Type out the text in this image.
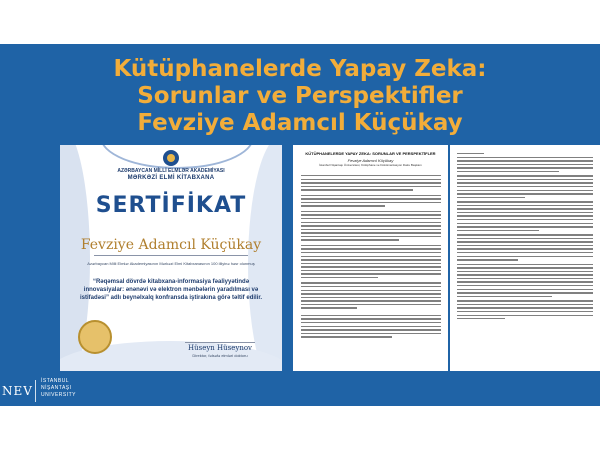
Kütüphanelerde Yapay Zeka:
Sorunlar ve Perspektifler
Fevziye Adamcıl Küçükay
AZƏRBAYCAN MİLLİ ELMLƏR AKADEMİYASI
MƏRKƏZİ ELMİ KİTABXANA
SERTİFİKAT
Fevziye Adamcıl Küçükay
Azərbaycan Milli Elmlər Akademiyasının Mərkəzi Elmi Kitabxanasının 100 illiyinə həsr olunmuş
“Rəqəmsal dövrdə kitabxana-informasiya fəaliyyətində innovasiyalar: ənənəvi və elektron mənbələrin yaradılması və istifadəsi” adlı beynəlxalq konfransda iştirakına görə təltif edilir.
Hüseyn Hüseynov
Direktor, fəlsəfə elmləri doktoru
KÜTÜPHANELERDE YAPAY ZEKA: SORUNLAR VE PERSPEKTİFLER
Fevziye Adamcıl Küçükay
İstanbul Nişantaşı Üniversitesi, Kütüphane ve Dokümantasyon Daire Başkanı
NEV
İSTANBUL
NİŞANTAŞI
UNIVERSITY
